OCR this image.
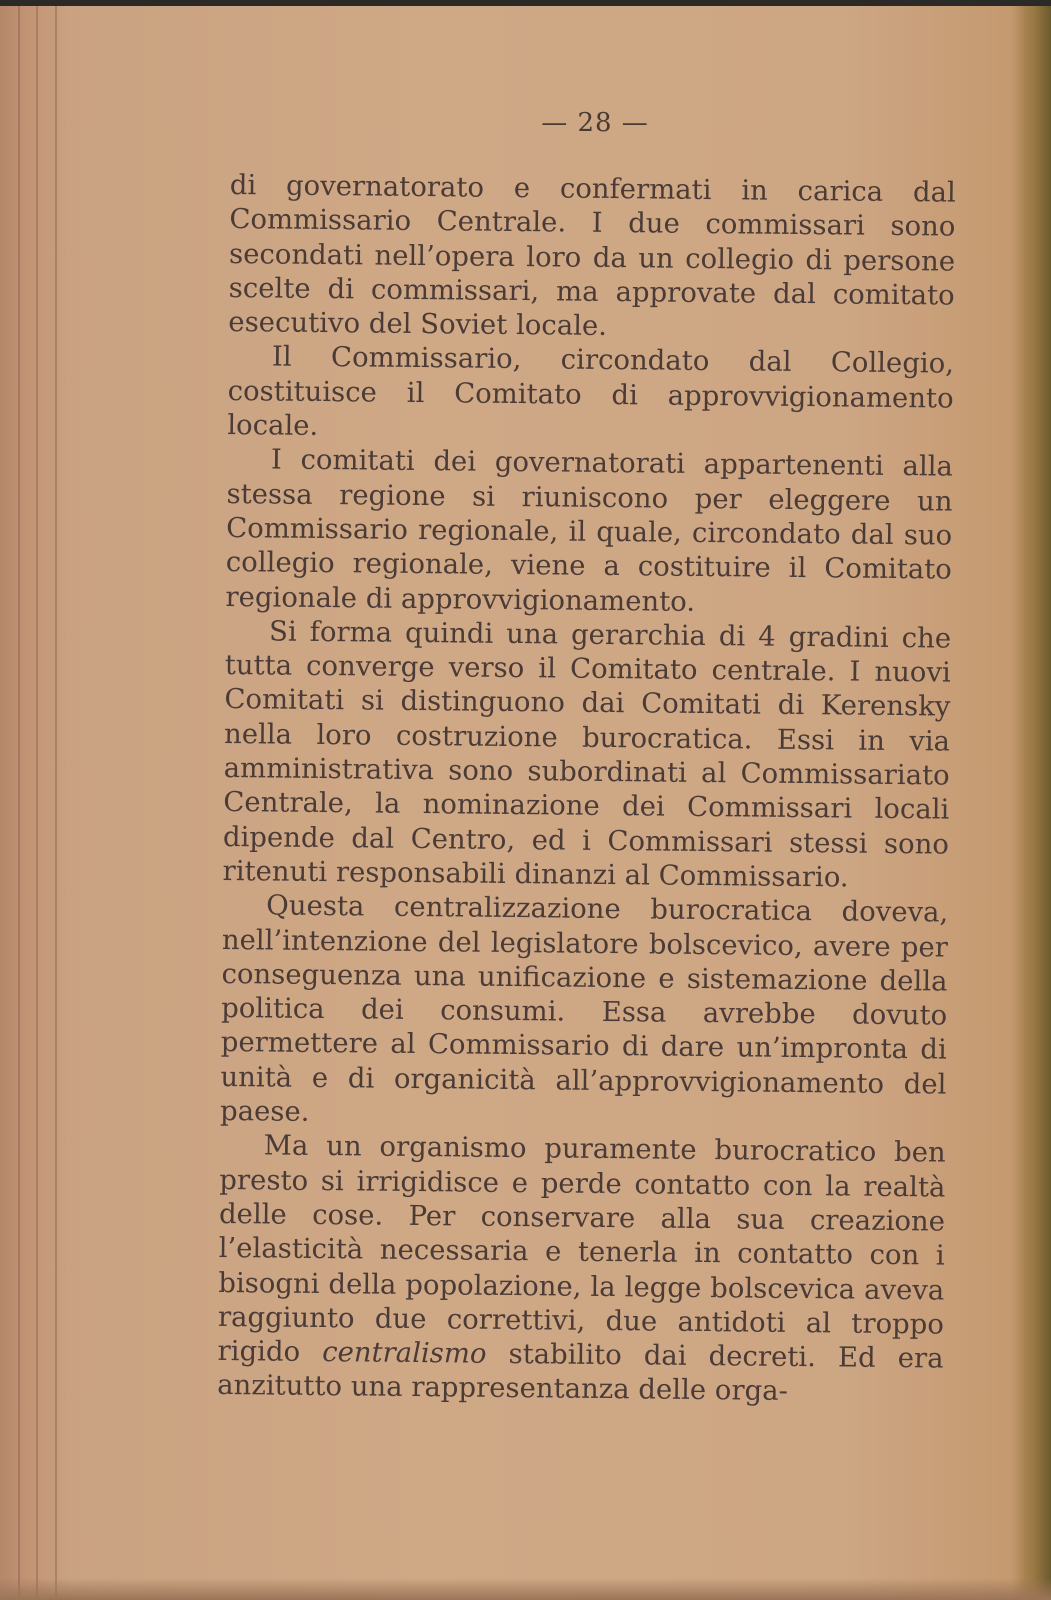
— 28 —

di governatorato e confermati in carica dal Commissario Centrale. I due commissari sono secondati nell’opera loro da un collegio di persone scelte di commissari, ma approvate dal comitato esecutivo del Soviet locale.

Il Commissario, circondato dal Collegio, costituisce il Comitato di approvvigionamento locale.

I comitati dei governatorati appartenenti alla stessa regione si riuniscono per eleggere un Commissario regionale, il quale, circondato dal suo collegio regionale, viene a costituire il Comitato regionale di approvvigionamento.

Si forma quindi una gerarchia di 4 gradini che tutta converge verso il Comitato centrale. I nuovi Comitati si distinguono dai Comitati di Kerensky nella loro costruzione burocratica. Essi in via amministrativa sono subordinati al Commissariato Centrale, la nominazione dei Commissari locali dipende dal Centro, ed i Commissari stessi sono ritenuti responsabili dinanzi al Commissario.

Questa centralizzazione burocratica doveva, nell’intenzione del legislatore bolscevico, avere per conseguenza una unificazione e sistemazione della politica dei consumi. Essa avrebbe dovuto permettere al Commissario di dare un’impronta di unità e di organicità all’approvvigionamento del paese.

Ma un organismo puramente burocratico ben presto si irrigidisce e perde contatto con la realtà delle cose. Per conservare alla sua creazione l’elasticità necessaria e tenerla in contatto con i bisogni della popolazione, la legge bolscevica aveva raggiunto due correttivi, due antidoti al troppo rigido centralismo stabilito dai decreti. Ed era anzitutto una rappresentanza delle orga-
